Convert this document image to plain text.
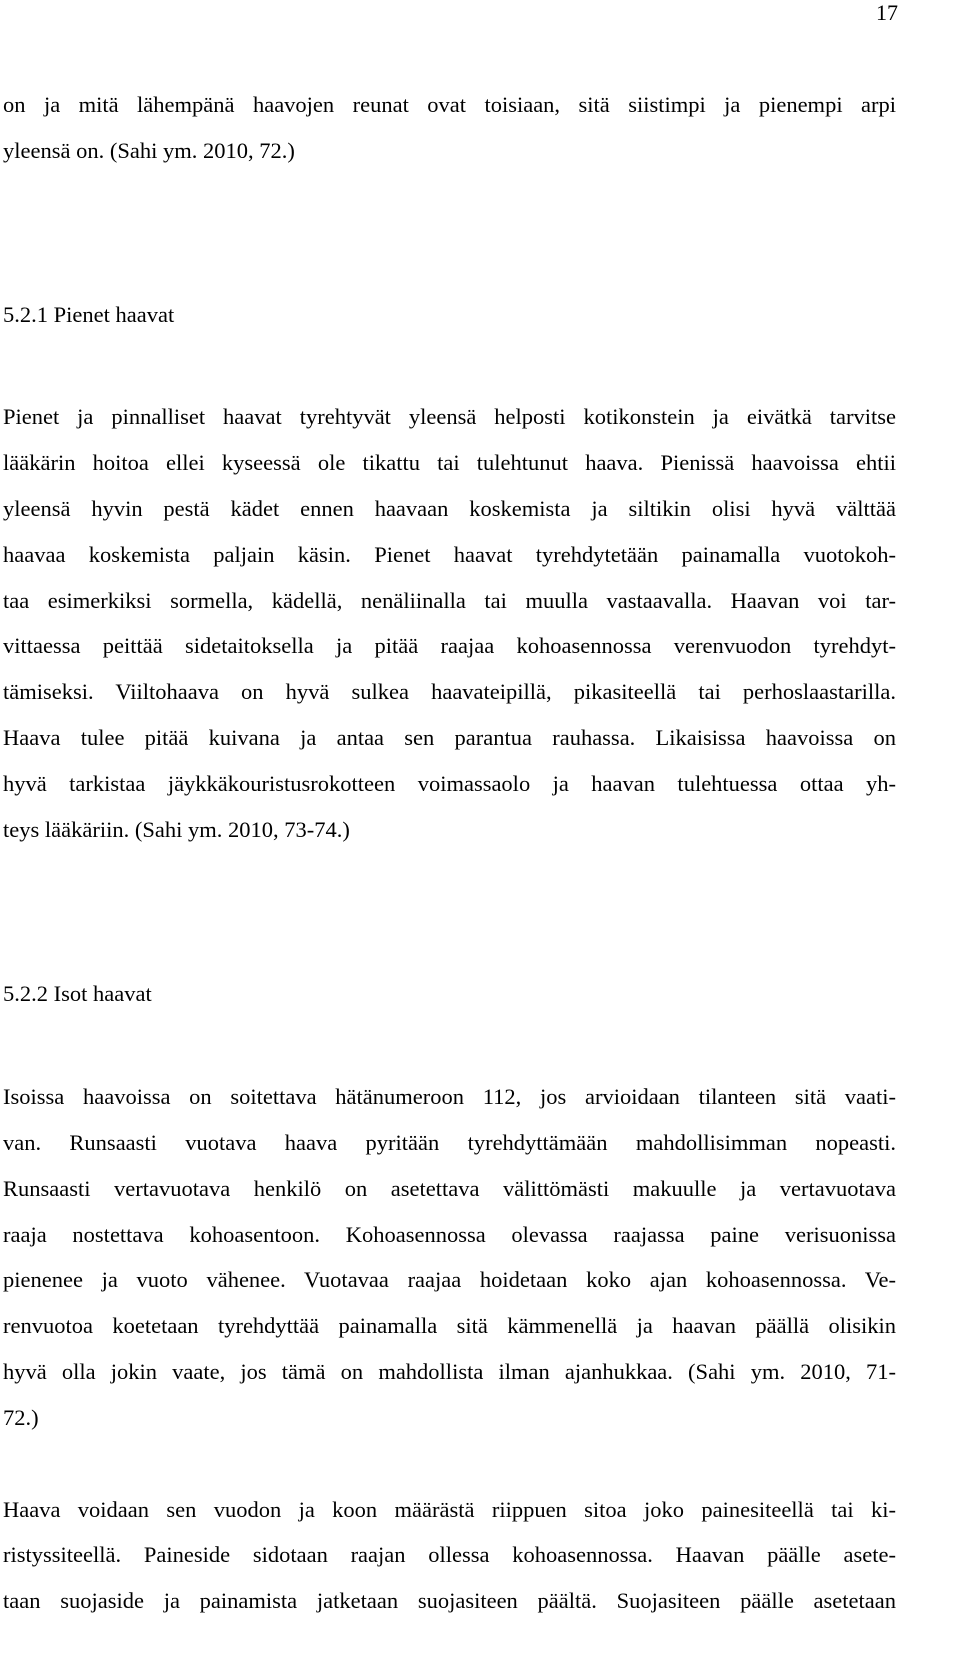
17

on ja mitä lähempänä haavojen reunat ovat toisiaan, sitä siistimpi ja pienempi arpi
yleensä on. (Sahi ym. 2010, 72.)

5.2.1 Pienet haavat

Pienet ja pinnalliset haavat tyrehtyvät yleensä helposti kotikonstein ja eivätkä tarvitse
lääkärin hoitoa ellei kyseessä ole tikattu tai tulehtunut haava. Pienissä haavoissa ehtii
yleensä hyvin pestä kädet ennen haavaan koskemista ja siltikin olisi hyvä välttää
haavaa koskemista paljain käsin. Pienet haavat tyrehdytetään painamalla vuotokoh-
taa esimerkiksi sormella, kädellä, nenäliinalla tai muulla vastaavalla. Haavan voi tar-
vittaessa peittää sidetaitoksella ja pitää raajaa kohoasennossa verenvuodon tyrehdyt-
tämiseksi. Viiltohaava on hyvä sulkea haavateipillä, pikasiteellä tai perhoslaastarilla.
Haava tulee pitää kuivana ja antaa sen parantua rauhassa. Likaisissa haavoissa on
hyvä tarkistaa jäykkäkouristusrokotteen voimassaolo ja haavan tulehtuessa ottaa yh-
teys lääkäriin. (Sahi ym. 2010, 73-74.)

5.2.2 Isot haavat

Isoissa haavoissa on soitettava hätänumeroon 112, jos arvioidaan tilanteen sitä vaati-
van. Runsaasti vuotava haava pyritään tyrehdyttämään mahdollisimman nopeasti.
Runsaasti vertavuotava henkilö on asetettava välittömästi makuulle ja vertavuotava
raaja nostettava kohoasentoon. Kohoasennossa olevassa raajassa paine verisuonissa
pienenee ja vuoto vähenee. Vuotavaa raajaa hoidetaan koko ajan kohoasennossa. Ve-
renvuotoa koetetaan tyrehdyttää painamalla sitä kämmenellä ja haavan päällä olisikin
hyvä olla jokin vaate, jos tämä on mahdollista ilman ajanhukkaa. (Sahi ym. 2010, 71-
72.)

Haava voidaan sen vuodon ja koon määrästä riippuen sitoa joko painesiteellä tai ki-
ristyssiteellä. Paineside sidotaan raajan ollessa kohoasennossa. Haavan päälle asete-
taan suojaside ja painamista jatketaan suojasiteen päältä. Suojasiteen päälle asetetaan
